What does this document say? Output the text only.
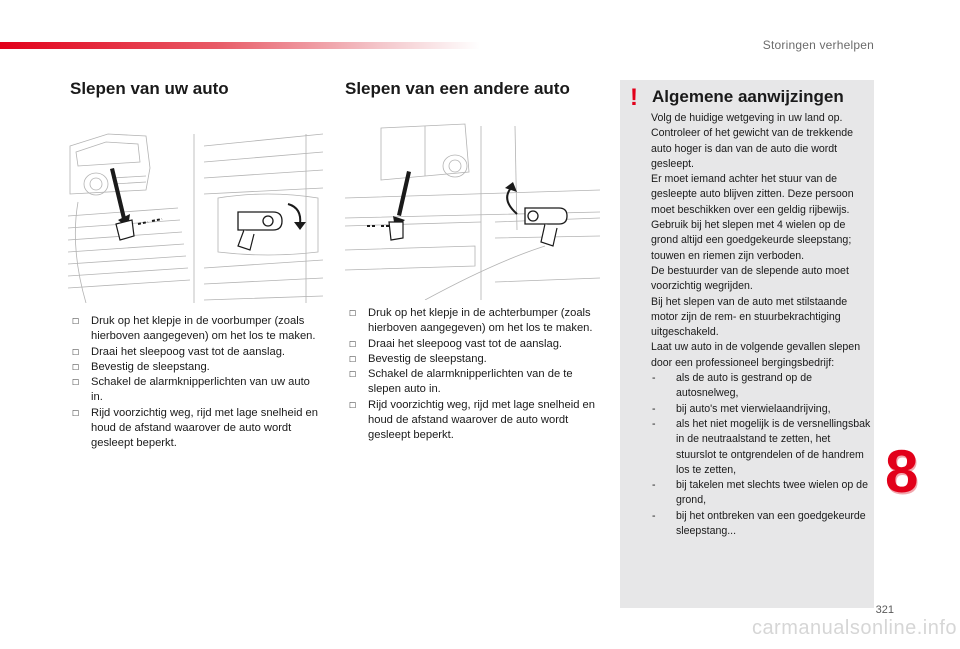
Storingen verhelpen
Slepen van uw auto
☐ Druk op het klepje in de voorbumper (zoals hierboven aangegeven) om het los te maken.
☐ Draai het sleepoog vast tot de aanslag.
☐ Bevestig de sleepstang.
☐ Schakel de alarmknipperlichten van uw auto in.
☐ Rijd voorzichtig weg, rijd met lage snelheid en houd de afstand waarover de auto wordt gesleept beperkt.
Slepen van een andere auto
☐ Druk op het klepje in de achterbumper (zoals hierboven aangegeven) om het los te maken.
☐ Draai het sleepoog vast tot de aanslag.
☐ Bevestig de sleepstang.
☐ Schakel de alarmknipperlichten van de te slepen auto in.
☐ Rijd voorzichtig weg, rijd met lage snelheid en houd de afstand waarover de auto wordt gesleept beperkt.
! Algemene aanwijzingen

Volg de huidige wetgeving in uw land op.

Controleer of het gewicht van de trekkende auto hoger is dan van de auto die wordt gesleept.

Er moet iemand achter het stuur van de gesleepte auto blijven zitten. Deze persoon moet beschikken over een geldig rijbewijs.

Gebruik bij het slepen met 4 wielen op de grond altijd een goedgekeurde sleepstang; touwen en riemen zijn verboden.

De bestuurder van de slepende auto moet voorzichtig wegrijden.

Bij het slepen van de auto met stilstaande motor zijn de rem- en stuurbekrachtiging uitgeschakeld.

Laat uw auto in de volgende gevallen slepen door een professioneel bergingsbedrijf:

- als de auto is gestrand op de autosnelweg,
- bij auto's met vierwielaandrijving,
- als het niet mogelijk is de versnellingsbak in de neutraalstand te zetten, het stuurslot te ontgrendelen of de handrem los te zetten,
- bij takelen met slechts twee wielen op de grond,
- bij het ontbreken van een goedgekeurde sleepstang...
8
321
carmanualsonline.info
